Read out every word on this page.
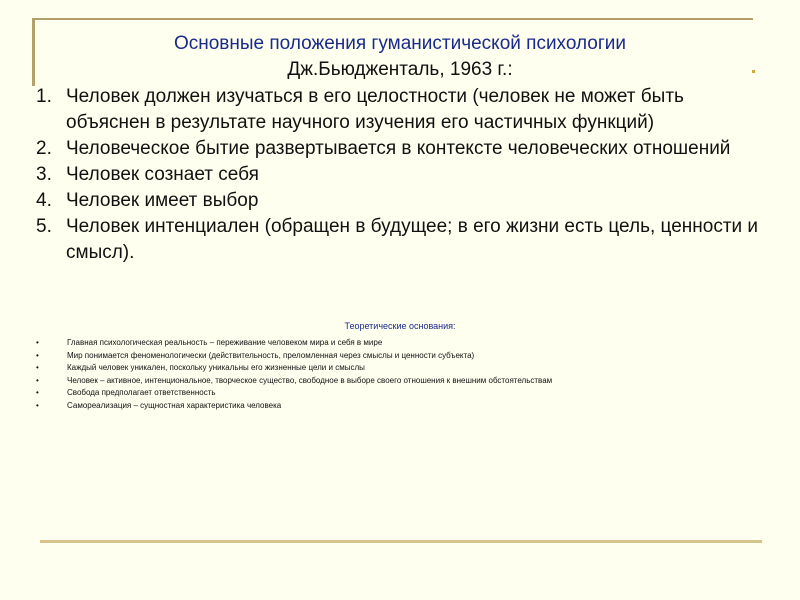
Основные положения гуманистической психологии
Дж.Бьюдженталь, 1963 г.:
1. Человек должен изучаться в его целостности (человек не может быть объяснен в результате научного изучения его частичных функций)
2. Человеческое бытие развертывается в контексте человеческих отношений
3. Человек сознает себя
4. Человек имеет выбор
5. Человек интенциален (обращен в будущее; в его жизни есть цель, ценности и смысл).
Теоретические основания:
•	Главная психологическая реальность – переживание человеком мира и себя в мире
•	Мир понимается феноменологически (действительность, преломленная через смыслы и ценности субъекта)
•	Каждый человек уникален, поскольку уникальны его жизненные цели и смыслы
•	Человек – активное, интенциональное, творческое существо, свободное в выборе своего отношения к внешним обстоятельствам
•	Свобода предполагает ответственность
•	Самореализация – сущностная характеристика человека
